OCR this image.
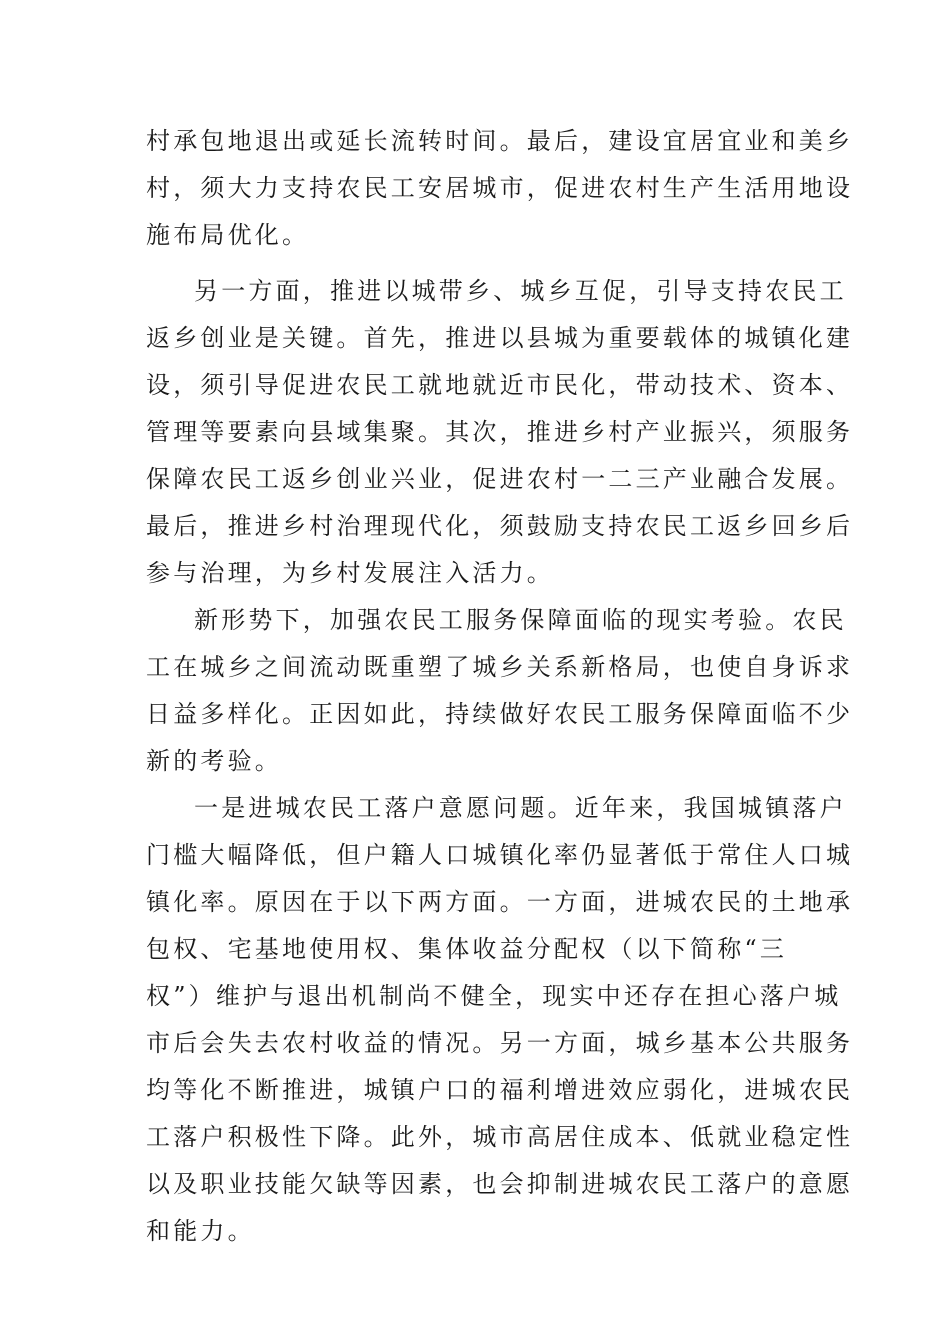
村承包地退出或延长流转时间。最后，建设宜居宜业和美乡
村，须大力支持农民工安居城市，促进农村生产生活用地设
施布局优化。
另一方面，推进以城带乡、城乡互促，引导支持农民工
返乡创业是关键。首先，推进以县城为重要载体的城镇化建
设，须引导促进农民工就地就近市民化，带动技术、资本、
管理等要素向县域集聚。其次，推进乡村产业振兴，须服务
保障农民工返乡创业兴业，促进农村一二三产业融合发展。
最后，推进乡村治理现代化，须鼓励支持农民工返乡回乡后
参与治理，为乡村发展注入活力。
新形势下，加强农民工服务保障面临的现实考验。农民
工在城乡之间流动既重塑了城乡关系新格局，也使自身诉求
日益多样化。正因如此，持续做好农民工服务保障面临不少
新的考验。
一是进城农民工落户意愿问题。近年来，我国城镇落户
门槛大幅降低，但户籍人口城镇化率仍显著低于常住人口城
镇化率。原因在于以下两方面。一方面，进城农民的土地承
包权、宅基地使用权、集体收益分配权（以下简称“三
权”）维护与退出机制尚不健全，现实中还存在担心落户城
市后会失去农村收益的情况。另一方面，城乡基本公共服务
均等化不断推进，城镇户口的福利增进效应弱化，进城农民
工落户积极性下降。此外，城市高居住成本、低就业稳定性
以及职业技能欠缺等因素，也会抑制进城农民工落户的意愿
和能力。
